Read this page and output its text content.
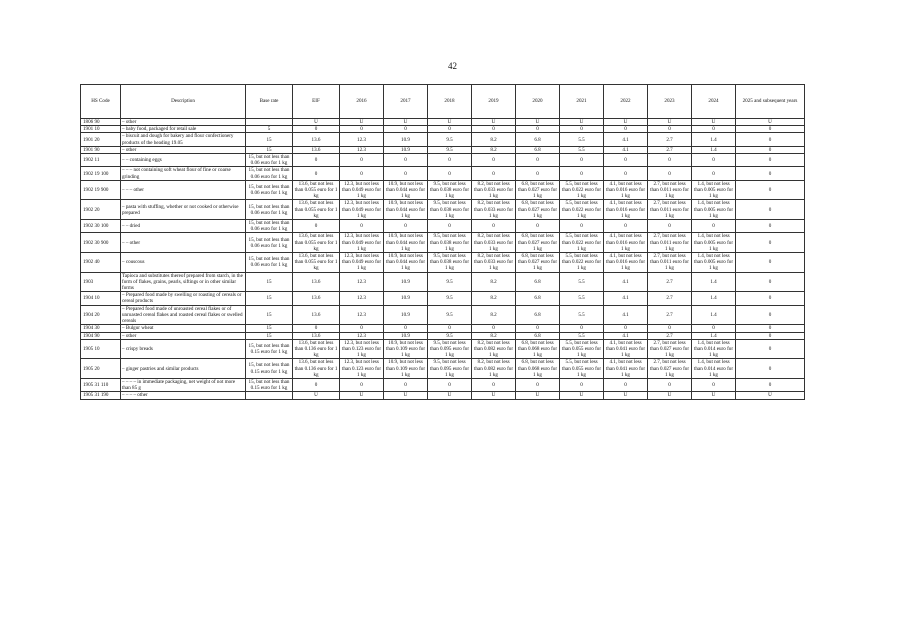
42
HS Code	Description	Base rate	EIF	2016	2017	2018	2019	2020	2021	2022	2023	2024	2025 and subsequent years
1806 90	– other		U	U	U	U	U	U	U	U	U	U	U
1901 10	– baby food, packaged for retail sale	5	0	0	0	0	0	0	0	0	0	0	0
1901 20	– biscuit and dough for bakery and flour confectionery products of the heading 19.05	15	13.6	12.3	10.9	9.5	8.2	6.8	5.5	4.1	2.7	1.4	0
1901 90	– other	15	13.6	12.3	10.9	9.5	8.2	6.8	5.5	4.1	2.7	1.4	0
1902 11	– – containing eggs	15, but not less than 0.06 euro for 1 kg	0	0	0	0	0	0	0	0	0	0	0
1902 19 100	– – – not containing soft wheat flour of fine or coarse grinding	15, but not less than 0.06 euro for 1 kg	0	0	0	0	0	0	0	0	0	0	0
1902 19 900	– – – other	15, but not less than 0.06 euro for 1 kg	13.6, but not less than 0.055 euro for 1 kg	12.3, but not less than 0.049 euro for 1 kg	10.9, but not less than 0.044 euro for 1 kg	9.5, but not less than 0.038 euro for 1 kg	8.2, but not less than 0.033 euro for 1 kg	6.8, but not less than 0.027 euro for 1 kg	5.5, but not less than 0.022 euro for 1 kg	4.1, but not less than 0.016 euro for 1 kg	2.7, but not less than 0.011 euro for 1 kg	1.4, but not less than 0.005 euro for 1 kg	0
1902 20	– pasta with stuffing, whether or not cooked or otherwise prepared	15, but not less than 0.06 euro for 1 kg	13.6, but not less than 0.055 euro for 1 kg	12.3, but not less than 0.049 euro for 1 kg	10.9, but not less than 0.044 euro for 1 kg	9.5, but not less than 0.038 euro for 1 kg	8.2, but not less than 0.033 euro for 1 kg	6.8, but not less than 0.027 euro for 1 kg	5.5, but not less than 0.022 euro for 1 kg	4.1, but not less than 0.016 euro for 1 kg	2.7, but not less than 0.011 euro for 1 kg	1.4, but not less than 0.005 euro for 1 kg	0
1902 30 100	– – dried	15, but not less than 0.06 euro for 1 kg	0	0	0	0	0	0	0	0	0	0	0
1902 30 900	– – other	15, but not less than 0.06 euro for 1 kg	13.6, but not less than 0.055 euro for 1 kg	12.3, but not less than 0.049 euro for 1 kg	10.9, but not less than 0.044 euro for 1 kg	9.5, but not less than 0.038 euro for 1 kg	8.2, but not less than 0.033 euro for 1 kg	6.8, but not less than 0.027 euro for 1 kg	5.5, but not less than 0.022 euro for 1 kg	4.1, but not less than 0.016 euro for 1 kg	2.7, but not less than 0.011 euro for 1 kg	1.4, but not less than 0.005 euro for 1 kg	0
1902 40	– couscous	15, but not less than 0.06 euro for 1 kg	13.6, but not less than 0.055 euro for 1 kg	12.3, but not less than 0.049 euro for 1 kg	10.9, but not less than 0.044 euro for 1 kg	9.5, but not less than 0.038 euro for 1 kg	8.2, but not less than 0.033 euro for 1 kg	6.8, but not less than 0.027 euro for 1 kg	5.5, but not less than 0.022 euro for 1 kg	4.1, but not less than 0.016 euro for 1 kg	2.7, but not less than 0.011 euro for 1 kg	1.4, but not less than 0.005 euro for 1 kg	0
1903	Tapioca and substitutes thereof prepared from starch, in the form of flakes, grains, pearls, siftings or in other similar forms	15	13.6	12.3	10.9	9.5	8.2	6.8	5.5	4.1	2.7	1.4	0
1904 10	– Prepared food made by swelling or roasting of cereals or cereal products	15	13.6	12.3	10.9	9.5	8.2	6.8	5.5	4.1	2.7	1.4	0
1904 20	– Prepared food made of unroasted cereal flakes or of unroasted cereal flakes and roasted cereal flakes or swelled cereals	15	13.6	12.3	10.9	9.5	8.2	6.8	5.5	4.1	2.7	1.4	0
1904 30	– Bulgur wheat	15	0	0	0	0	0	0	0	0	0	0	0
1904 90	– other	15	13.6	12.3	10.9	9.5	8.2	6.8	5.5	4.1	2.7	1.4	0
1905 10	– crispy breads	15, but not less than 0.15 euro for 1 kg	13.6, but not less than 0.136 euro for 1 kg	12.3, but not less than 0.123 euro for 1 kg	10.9, but not less than 0.109 euro for 1 kg	9.5, but not less than 0.095 euro for 1 kg	8.2, but not less than 0.082 euro for 1 kg	6.8, but not less than 0.068 euro for 1 kg	5.5, but not less than 0.055 euro for 1 kg	4.1, but not less than 0.041 euro for 1 kg	2.7, but not less than 0.027 euro for 1 kg	1.4, but not less than 0.014 euro for 1 kg	0
1905 20	– ginger pastries and similar products	15, but not less than 0.15 euro for 1 kg	13.6, but not less than 0.136 euro for 1 kg	12.3, but not less than 0.123 euro for 1 kg	10.9, but not less than 0.109 euro for 1 kg	9.5, but not less than 0.095 euro for 1 kg	8.2, but not less than 0.082 euro for 1 kg	6.8, but not less than 0.068 euro for 1 kg	5.5, but not less than 0.055 euro for 1 kg	4.1, but not less than 0.041 euro for 1 kg	2.7, but not less than 0.027 euro for 1 kg	1.4, but not less than 0.014 euro for 1 kg	0
1905 31 110	– – – – in immediate packaging, net weight of not more than 85 g	15, but not less than 0.15 euro for 1 kg	0	0	0	0	0	0	0	0	0	0	0
1905 31 190	– – – – other		U	U	U	U	U	U	U	U	U	U	U
